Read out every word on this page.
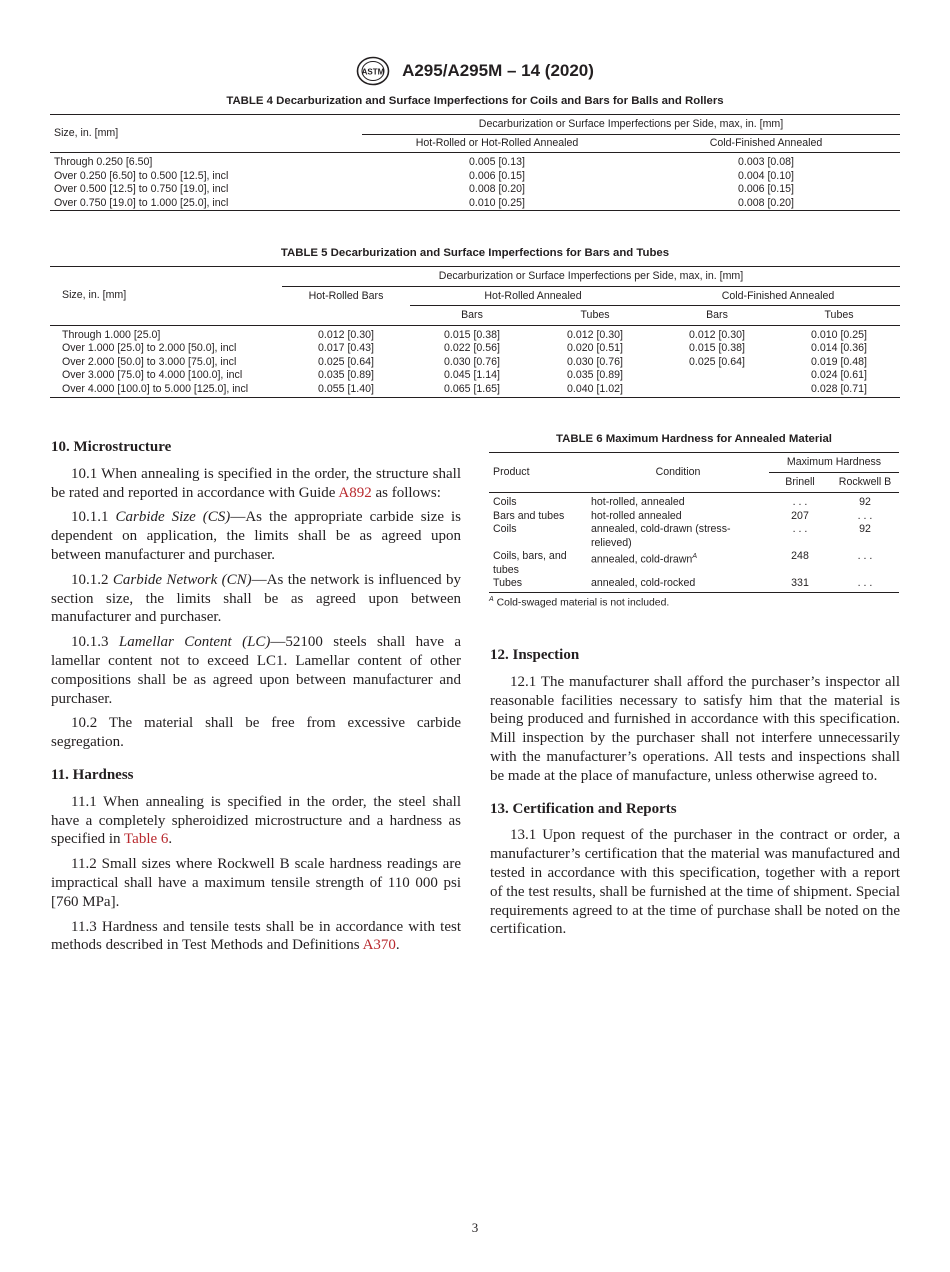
ASTM A295/A295M – 14 (2020)
TABLE 4 Decarburization and Surface Imperfections for Coils and Bars for Balls and Rollers
Size, in. [mm]	Decarburization or Surface Imperfections per Side, max, in. [mm]	
	Hot-Rolled or Hot-Rolled Annealed	Cold-Finished Annealed
Through 0.250 [6.50]	0.005 [0.13]	0.003 [0.08]
Over 0.250 [6.50] to 0.500 [12.5], incl	0.006 [0.15]	0.004 [0.10]
Over 0.500 [12.5] to 0.750 [19.0], incl	0.008 [0.20]	0.006 [0.15]
Over 0.750 [19.0] to 1.000 [25.0], incl	0.010 [0.25]	0.008 [0.20]
TABLE 5 Decarburization and Surface Imperfections for Bars and Tubes
Size, in. [mm]	Decarburization or Surface Imperfections per Side, max, in. [mm]				
	Hot-Rolled Bars	Hot-Rolled Annealed		Cold-Finished Annealed	
		Bars	Tubes	Bars	Tubes
Through 1.000 [25.0]	0.012 [0.30]	0.015 [0.38]	0.012 [0.30]	0.012 [0.30]	0.010 [0.25]
Over 1.000 [25.0] to 2.000 [50.0], incl	0.017 [0.43]	0.022 [0.56]	0.020 [0.51]	0.015 [0.38]	0.014 [0.36]
Over 2.000 [50.0] to 3.000 [75.0], incl	0.025 [0.64]	0.030 [0.76]	0.030 [0.76]	0.025 [0.64]	0.019 [0.48]
Over 3.000 [75.0] to 4.000 [100.0], incl	0.035 [0.89]	0.045 [1.14]	0.035 [0.89]		0.024 [0.61]
Over 4.000 [100.0] to 5.000 [125.0], incl	0.055 [1.40]	0.065 [1.65]	0.040 [1.02]		0.028 [0.71]
10. Microstructure

10.1 When annealing is specified in the order, the structure shall be rated and reported in accordance with Guide A892 as follows:

10.1.1 Carbide Size (CS)—As the appropriate carbide size is dependent on application, the limits shall be as agreed upon between manufacturer and purchaser.

10.1.2 Carbide Network (CN)—As the network is influenced by section size, the limits shall be as agreed upon between manufacturer and purchaser.

10.1.3 Lamellar Content (LC)—52100 steels shall have a lamellar content not to exceed LC1. Lamellar content of other compositions shall be as agreed upon between manufacturer and purchaser.

10.2 The material shall be free from excessive carbide segregation.

11. Hardness

11.1 When annealing is specified in the order, the steel shall have a completely spheroidized microstructure and a hardness as specified in Table 6.

11.2 Small sizes where Rockwell B scale hardness readings are impractical shall have a maximum tensile strength of 110 000 psi [760 MPa].

11.3 Hardness and tensile tests shall be in accordance with test methods described in Test Methods and Definitions A370.

TABLE 6 Maximum Hardness for Annealed Material
Product	Condition	Maximum Hardness	
		Brinell	Rockwell B
Coils	hot-rolled, annealed	. . .	92
Bars and tubes	hot-rolled annealed	207	. . .
Coils	annealed, cold-drawn (stress-relieved)	. . .	92
Coils, bars, and tubes	annealed, cold-drawn$^A$	248	. . .
Tubes	annealed, cold-rocked	331	. . .
$^A$ Cold-swaged material is not included.
12. Inspection

12.1 The manufacturer shall afford the purchaser’s inspector all reasonable facilities necessary to satisfy him that the material is being produced and furnished in accordance with this specification. Mill inspection by the purchaser shall not interfere unnecessarily with the manufacturer’s operations. All tests and inspections shall be made at the place of manufacture, unless otherwise agreed to.

13. Certification and Reports

13.1 Upon request of the purchaser in the contract or order, a manufacturer’s certification that the material was manufactured and tested in accordance with this specification, together with a report of the test results, shall be furnished at the time of shipment. Special requirements agreed to at the time of purchase shall be noted on the certification.

3
